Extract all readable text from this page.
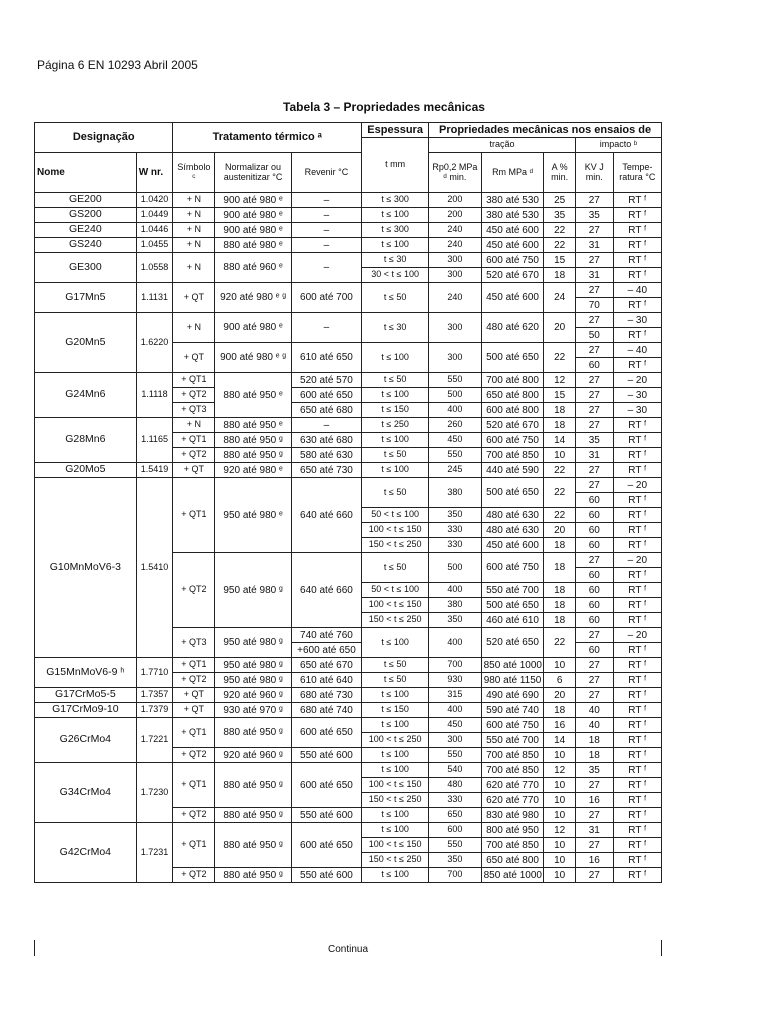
Página 6 EN 10293 Abril 2005
Tabela 3 – Propriedades mecânicas
Designação		Tratamento térmico ᵃ			Espessura	Propriedades mecânicas nos ensaios de				
					t mm	tração			impacto ᵇ	
Nome	W nr.	Símbolo ᶜ	Normalizar ou austenitizar °C	Revenir °C		Rp0,2 MPa ᵈ min.	Rm MPa ᵈ	A % min.	KV J min.	Tempe- ratura °C
GE200	1.0420	+ N	900 até 980 ᵉ	–	t ≤ 300	200	380 até 530	25	27	RT ᶠ
GS200	1.0449	+ N	900 até 980 ᵉ	–	t ≤ 100	200	380 até 530	35	35	RT ᶠ
GE240	1.0446	+ N	900 até 980 ᵉ	–	t ≤ 300	240	450 até 600	22	27	RT ᶠ
GS240	1.0455	+ N	880 até 980 ᵉ	–	t ≤ 100	240	450 até 600	22	31	RT ᶠ
GE300	1.0558	+ N	880 até 960 ᵉ	–	t ≤ 30	300	600 até 750	15	27	RT ᶠ
					30 < t ≤ 100	300	520 até 670	18	31	RT ᶠ
G17Mn5	1.1131	+ QT	920 até 980 ᵉ ᵍ	600 até 700	t ≤ 50	240	450 até 600	24	27	– 40
									70	RT ᶠ
G20Mn5	1.6220	+ N	900 até 980 ᵉ	–	t ≤ 30	300	480 até 620	20	27	– 30
									50	RT ᶠ
		+ QT	900 até 980 ᵉ ᵍ	610 até 650	t ≤ 100	300	500 até 650	22	27	– 40
									60	RT ᶠ
G24Mn6	1.1118	+ QT1	880 até 950 ᵉ	520 até 570	t ≤ 50	550	700 até 800	12	27	– 20
		+ QT2		600 até 650	t ≤ 100	500	650 até 800	15	27	– 30
		+ QT3		650 até 680	t ≤ 150	400	600 até 800	18	27	– 30
G28Mn6	1.1165	+ N	880 até 950 ᵉ	–	t ≤ 250	260	520 até 670	18	27	RT ᶠ
		+ QT1	880 até 950 ᵍ	630 até 680	t ≤ 100	450	600 até 750	14	35	RT ᶠ
		+ QT2	880 até 950 ᵍ	580 até 630	t ≤ 50	550	700 até 850	10	31	RT ᶠ
G20Mo5	1.5419	+ QT	920 até 980 ᵉ	650 até 730	t ≤ 100	245	440 até 590	22	27	RT ᶠ
G10MnMoV6-3	1.5410	+ QT1	950 até 980 ᵉ	640 até 660	t ≤ 50	380	500 até 650	22	27	– 20
									60	RT ᶠ
					50 < t ≤ 100	350	480 até 630	22	60	RT ᶠ
					100 < t ≤ 150	330	480 até 630	20	60	RT ᶠ
					150 < t ≤ 250	330	450 até 600	18	60	RT ᶠ
		+ QT2	950 até 980 ᵍ	640 até 660	t ≤ 50	500	600 até 750	18	27	– 20
									60	RT ᶠ
					50 < t ≤ 100	400	550 até 700	18	60	RT ᶠ
					100 < t ≤ 150	380	500 até 650	18	60	RT ᶠ
					150 < t ≤ 250	350	460 até 610	18	60	RT ᶠ
		+ QT3	950 até 980 ᵍ	740 até 760	t ≤ 100	400	520 até 650	22	27	– 20
				+600 até 650					60	RT ᶠ
G15MnMoV6-9 ʰ	1.7710	+ QT1	950 até 980 ᵍ	650 até 670	t ≤ 50	700	850 até 1000	10	27	RT ᶠ
		+ QT2	950 até 980 ᵍ	610 até 640	t ≤ 50	930	980 até 1150	6	27	RT ᶠ
G17CrMo5-5	1.7357	+ QT	920 até 960 ᵍ	680 até 730	t ≤ 100	315	490 até 690	20	27	RT ᶠ
G17CrMo9-10	1.7379	+ QT	930 até 970 ᵍ	680 até 740	t ≤ 150	400	590 até 740	18	40	RT ᶠ
G26CrMo4	1.7221	+ QT1	880 até 950 ᵍ	600 até 650	t ≤ 100	450	600 até 750	16	40	RT ᶠ
					100 < t ≤ 250	300	550 até 700	14	18	RT ᶠ
		+ QT2	920 até 960 ᵍ	550 até 600	t ≤ 100	550	700 até 850	10	18	RT ᶠ
G34CrMo4	1.7230	+ QT1	880 até 950 ᵍ	600 até 650	t ≤ 100	540	700 até 850	12	35	RT ᶠ
					100 < t ≤ 150	480	620 até 770	10	27	RT ᶠ
					150 < t ≤ 250	330	620 até 770	10	16	RT ᶠ
		+ QT2	880 até 950 ᵍ	550 até 600	t ≤ 100	650	830 até 980	10	27	RT ᶠ
G42CrMo4	1.7231	+ QT1	880 até 950 ᵍ	600 até 650	t ≤ 100	600	800 até 950	12	31	RT ᶠ
					100 < t ≤ 150	550	700 até 850	10	27	RT ᶠ
					150 < t ≤ 250	350	650 até 800	10	16	RT ᶠ
		+ QT2	880 até 950 ᵍ	550 até 600	t ≤ 100	700	850 até 1000	10	27	RT ᶠ
Continua
